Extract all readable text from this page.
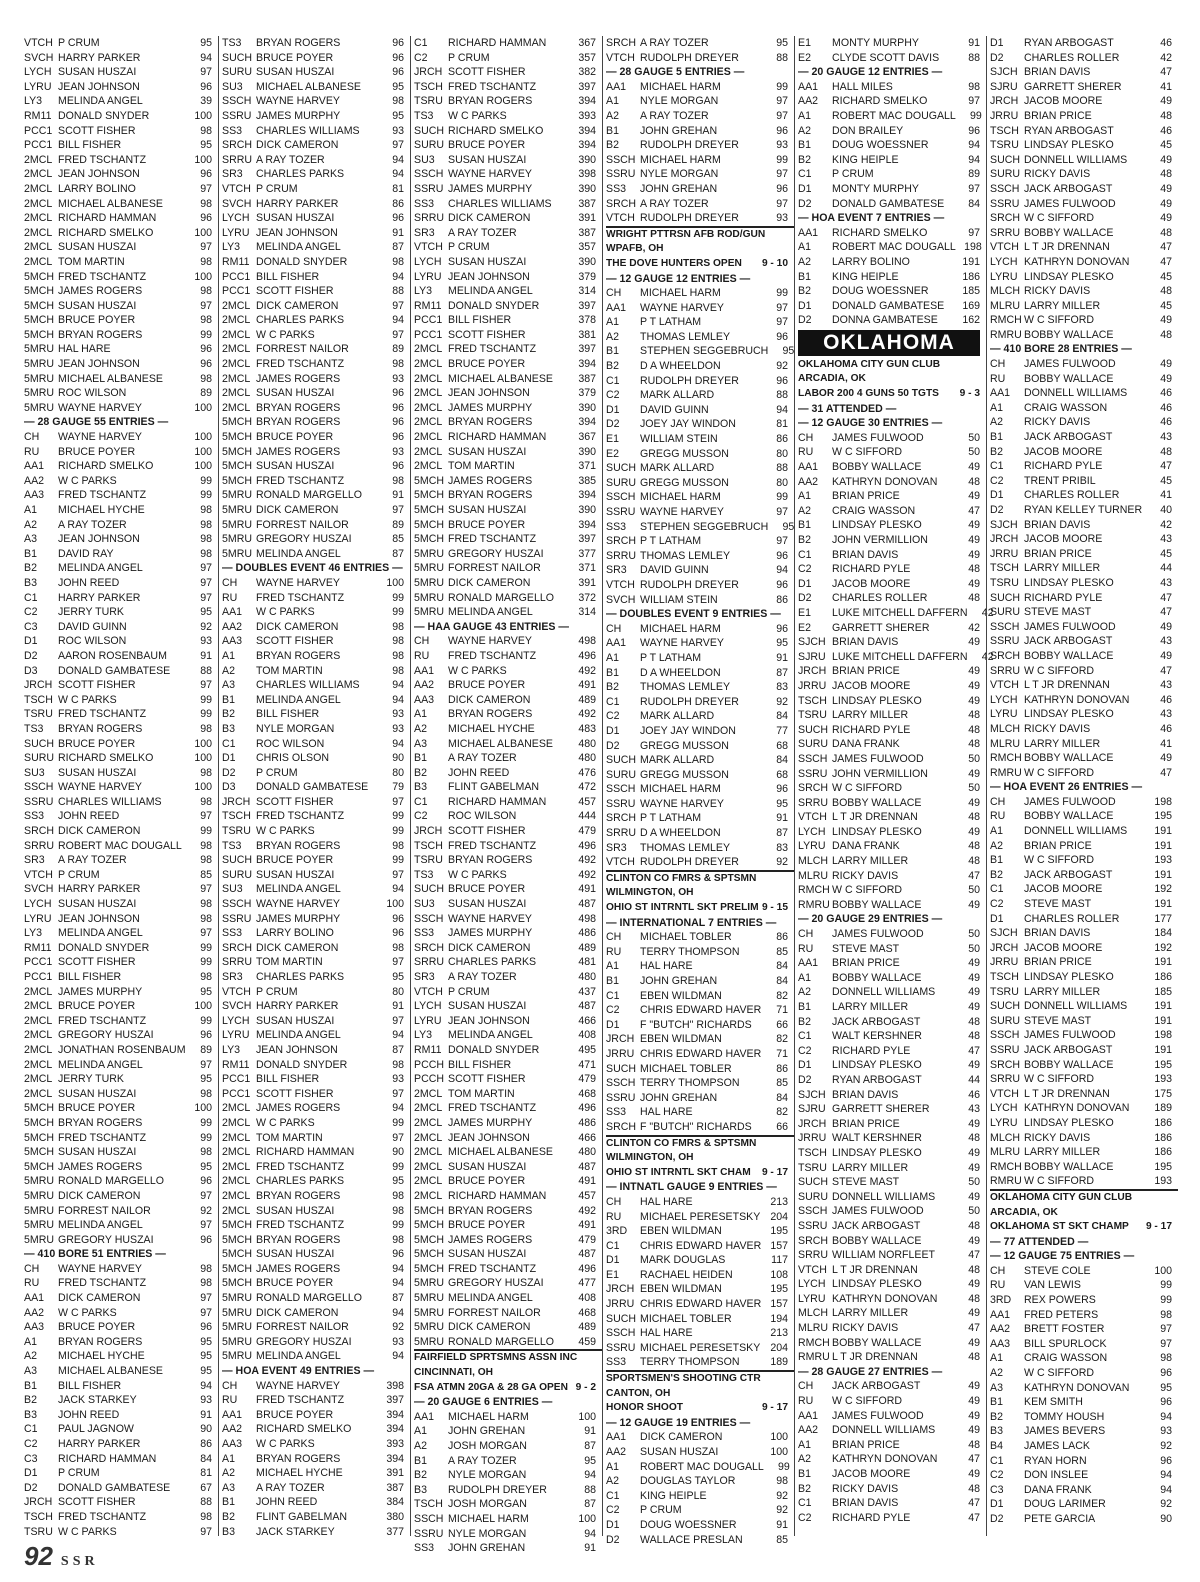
VTCH P CRUM	95
SVCH HARRY PARKER	94
LYCH SUSAN HUSZAI	97
LYRU JEAN JOHNSON	96
LY3	MELINDA ANGEL	39
RM11 DONALD SNYDER	100
PCC1 SCOTT FISHER	98
PCC1 BILL FISHER	95
2MCL FRED TSCHANTZ	100
2MCL JEAN JOHNSON	96
2MCL LARRY BOLINO	97
2MCL MICHAEL ALBANESE	98
2MCL RICHARD HAMMAN	96
2MCL RICHARD SMELKO	100
2MCL SUSAN HUSZAI	97
2MCL TOM MARTIN	98
5MCH FRED TSCHANTZ	100
5MCH JAMES ROGERS	98
5MCH SUSAN HUSZAI	97
5MCH BRUCE POYER	98
5MCH BRYAN ROGERS	99
5MRU HAL HARE	96
5MRU JEAN JOHNSON	96
5MRU MICHAEL ALBANESE	98
5MRU ROC WILSON	89
5MRU WAYNE HARVEY	100
— 28 GAUGE 55 ENTRIES —
CH	WAYNE HARVEY	100
RU	BRUCE POYER	100
AA1	RICHARD SMELKO	100
AA2	W C PARKS	99
AA3	FRED TSCHANTZ	99
A1	MICHAEL HYCHE	98
A2	A RAY TOZER	98
A3	JEAN JOHNSON	98
B1	DAVID RAY	98
B2	MELINDA ANGEL	97
B3	JOHN REED	97
C1	HARRY PARKER	97
C2	JERRY TURK	95
C3	DAVID GUINN	92
D1	ROC WILSON	93
D2	AARON ROSENBAUM	91
D3	DONALD GAMBATESE	88
JRCH SCOTT FISHER	97
TSCH W C PARKS	99
TSRU FRED TSCHANTZ	99
TS3	BRYAN ROGERS	98
SUCH BRUCE POYER	100
SURU RICHARD SMELKO	100
SU3	SUSAN HUSZAI	98
SSCH WAYNE HARVEY	100
SSRU CHARLES WILLIAMS	98
SS3	JOHN REED	97
SRCH DICK CAMERON	99
SRRU ROBERT MAC DOUGALL	98
SR3	A RAY TOZER	98
VTCH P CRUM	85
SVCH HARRY PARKER	97
LYCH SUSAN HUSZAI	98
LYRU JEAN JOHNSON	98
LY3	MELINDA ANGEL	97
RM11 DONALD SNYDER	99
PCC1 SCOTT FISHER	99
PCC1 BILL FISHER	98
2MCL JAMES MURPHY	95
2MCL BRUCE POYER	100
2MCL FRED TSCHANTZ	99
2MCL GREGORY HUSZAI	96
2MCL JONATHAN ROSENBAUM	89
2MCL MELINDA ANGEL	97
2MCL JERRY TURK	95
2MCL SUSAN HUSZAI	98
5MCH BRUCE POYER	100
5MCH BRYAN ROGERS	99
5MCH FRED TSCHANTZ	99
5MCH SUSAN HUSZAI	98
5MCH JAMES ROGERS	95
5MRU RONALD MARGELLO	96
5MRU DICK CAMERON	97
5MRU FORREST NAILOR	92
5MRU MELINDA ANGEL	97
5MRU GREGORY HUSZAI	96
— 410 BORE 51 ENTRIES —
CH	WAYNE HARVEY	98
RU	FRED TSCHANTZ	98
AA1	DICK CAMERON	97
AA2	W C PARKS	97
AA3	BRUCE POYER	96
A1	BRYAN ROGERS	95
A2	MICHAEL HYCHE	95
A3	MICHAEL ALBANESE	95
B1	BILL FISHER	94
B2	JACK STARKEY	93
B3	JOHN REED	91
C1	PAUL JAGNOW	90
C2	HARRY PARKER	86
C3	RICHARD HAMMAN	84
D1	P CRUM	81
D2	DONALD GAMBATESE	67
JRCH SCOTT FISHER	88
TSCH FRED TSCHANTZ	98
TSRU W C PARKS	97
TS3	BRYAN ROGERS	96
SUCH BRUCE POYER	96
SURU SUSAN HUSZAI	96
SU3	MICHAEL ALBANESE	95
SSCH WAYNE HARVEY	98
SSRU JAMES MURPHY	95
SS3	CHARLES WILLIAMS	93
SRCH DICK CAMERON	97
SRRU A RAY TOZER	94
SR3	CHARLES PARKS	94
VTCH P CRUM	81
SVCH HARRY PARKER	86
LYCH SUSAN HUSZAI	96
LYRU JEAN JOHNSON	91
LY3	MELINDA ANGEL	87
RM11 DONALD SNYDER	98
PCC1 BILL FISHER	94
PCC1 SCOTT FISHER	88
2MCL DICK CAMERON	97
2MCL CHARLES PARKS	94
2MCL W C PARKS	97
2MCL FORREST NAILOR	89
2MCL FRED TSCHANTZ	98
2MCL JAMES ROGERS	93
2MCL SUSAN HUSZAI	96
2MCL BRYAN ROGERS	96
5MCH BRYAN ROGERS	96
5MCH BRUCE POYER	96
5MCH JAMES ROGERS	93
5MCH SUSAN HUSZAI	96
5MCH FRED TSCHANTZ	98
5MRU RONALD MARGELLO	91
5MRU DICK CAMERON	97
5MRU FORREST NAILOR	89
5MRU GREGORY HUSZAI	85
5MRU MELINDA ANGEL	87
— DOUBLES EVENT 46 ENTRIES —
CH	WAYNE HARVEY	100
RU	FRED TSCHANTZ	99
AA1	W C PARKS	99
AA2	DICK CAMERON	98
AA3	SCOTT FISHER	98
A1	BRYAN ROGERS	98
A2	TOM MARTIN	98
A3	CHARLES WILLIAMS	94
B1	MELINDA ANGEL	94
B2	BILL FISHER	93
B3	NYLE MORGAN	93
C1	ROC WILSON	94
D1	CHRIS OLSON	90
D2	P CRUM	80
D3	DONALD GAMBATESE	79
JRCH SCOTT FISHER	97
TSCH FRED TSCHANTZ	99
TSRU W C PARKS	99
TS3	BRYAN ROGERS	98
SUCH BRUCE POYER	99
SURU SUSAN HUSZAI	97
SU3	MELINDA ANGEL	94
SSCH WAYNE HARVEY	100
SSRU JAMES MURPHY	96
SS3	LARRY BOLINO	96
SRCH DICK CAMERON	98
SRRU TOM MARTIN	97
SR3	CHARLES PARKS	95
VTCH P CRUM	80
SVCH HARRY PARKER	91
LYCH SUSAN HUSZAI	97
LYRU MELINDA ANGEL	94
LY3	JEAN JOHNSON	87
RM11 DONALD SNYDER	98
PCC1 BILL FISHER	93
PCC1 SCOTT FISHER	97
2MCL JAMES ROGERS	94
2MCL W C PARKS	99
2MCL TOM MARTIN	97
2MCL RICHARD HAMMAN	90
2MCL FRED TSCHANTZ	99
2MCL CHARLES PARKS	95
2MCL BRYAN ROGERS	98
2MCL SUSAN HUSZAI	98
5MCH FRED TSCHANTZ	99
5MCH BRYAN ROGERS	98
5MCH SUSAN HUSZAI	96
5MCH JAMES ROGERS	94
5MCH BRUCE POYER	94
5MRU RONALD MARGELLO	87
5MRU DICK CAMERON	94
5MRU FORREST NAILOR	92
5MRU GREGORY HUSZAI	93
5MRU MELINDA ANGEL	94
— HOA EVENT 49 ENTRIES —
CH	WAYNE HARVEY	398
RU	FRED TSCHANTZ	397
AA1	BRUCE POYER	394
AA2	RICHARD SMELKO	394
AA3	W C PARKS	393
A1	BRYAN ROGERS	394
A2	MICHAEL HYCHE	391
A3	A RAY TOZER	387
B1	JOHN REED	384
B2	FLINT GABELMAN	380
B3	JACK STARKEY	377
C1	RICHARD HAMMAN	367
C2	P CRUM	357
JRCH SCOTT FISHER	382
TSCH FRED TSCHANTZ	397
TSRU BRYAN ROGERS	394
TS3	W C PARKS	393
SUCH RICHARD SMELKO	394
SURU BRUCE POYER	394
SU3	SUSAN HUSZAI	390
SSCH WAYNE HARVEY	398
SSRU JAMES MURPHY	390
SS3	CHARLES WILLIAMS	387
SRRU DICK CAMERON	391
SR3	A RAY TOZER	387
VTCH P CRUM	357
LYCH SUSAN HUSZAI	390
LYRU JEAN JOHNSON	379
LY3	MELINDA ANGEL	314
RM11 DONALD SNYDER	397
PCC1 BILL FISHER	378
PCC1 SCOTT FISHER	381
2MCL FRED TSCHANTZ	397
2MCL BRUCE POYER	394
2MCL MICHAEL ALBANESE	387
2MCL JEAN JOHNSON	379
2MCL JAMES MURPHY	390
2MCL BRYAN ROGERS	394
2MCL RICHARD HAMMAN	367
2MCL SUSAN HUSZAI	390
2MCL TOM MARTIN	371
5MCH JAMES ROGERS	385
5MCH BRYAN ROGERS	394
5MCH SUSAN HUSZAI	390
5MCH BRUCE POYER	394
5MCH FRED TSCHANTZ	397
5MRU GREGORY HUSZAI	377
5MRU FORREST NAILOR	371
5MRU DICK CAMERON	391
5MRU RONALD MARGELLO	372
5MRU MELINDA ANGEL	314
— HAA GAUGE 43 ENTRIES —
CH	WAYNE HARVEY	498
RU	FRED TSCHANTZ	496
AA1	W C PARKS	492
AA2	BRUCE POYER	491
AA3	DICK CAMERON	489
A1	BRYAN ROGERS	492
A2	MICHAEL HYCHE	483
A3	MICHAEL ALBANESE	480
B1	A RAY TOZER	480
B2	JOHN REED	476
B3	FLINT GABELMAN	472
C1	RICHARD HAMMAN	457
C2	ROC WILSON	444
JRCH SCOTT FISHER	479
TSCH FRED TSCHANTZ	496
TSRU BRYAN ROGERS	492
TS3	W C PARKS	492
SUCH BRUCE POYER	491
SU3	SUSAN HUSZAI	487
SSCH WAYNE HARVEY	498
SS3	JAMES MURPHY	486
SRCH DICK CAMERON	489
SRRU CHARLES PARKS	481
SR3	A RAY TOZER	480
VTCH P CRUM	437
LYCH SUSAN HUSZAI	487
LYRU JEAN JOHNSON	466
LY3	MELINDA ANGEL	408
RM11 DONALD SNYDER	495
PCCH BILL FISHER	471
PCCH SCOTT FISHER	479
2MCL TOM MARTIN	468
2MCL FRED TSCHANTZ	496
2MCL JAMES MURPHY	486
2MCL JEAN JOHNSON	466
2MCL MICHAEL ALBANESE	480
2MCL SUSAN HUSZAI	487
2MCL BRUCE POYER	491
2MCL RICHARD HAMMAN	457
5MCH BRYAN ROGERS	492
5MCH BRUCE POYER	491
5MCH JAMES ROGERS	479
5MCH SUSAN HUSZAI	487
5MCH FRED TSCHANTZ	496
5MRU GREGORY HUSZAI	477
5MRU MELINDA ANGEL	408
5MRU FORREST NAILOR	468
5MRU DICK CAMERON	489
5MRU RONALD MARGELLO	459
FAIRFIELD SPRTSMNS ASSN INC
CINCINNATI, OH
FSA ATMN 20GA & 28 GA OPEN 9 - 2
— 20 GAUGE 6 ENTRIES —
AA1	MICHAEL HARM	100
A1	JOHN GREHAN	91
A2	JOSH MORGAN	87
B1	A RAY TOZER	95
B2	NYLE MORGAN	94
B3	RUDOLPH DREYER	88
TSCH JOSH MORGAN	87
SSCH MICHAEL HARM	100
SSRU NYLE MORGAN	94
SS3	JOHN GREHAN	91
SRCH A RAY TOZER	95
VTCH RUDOLPH DREYER	88
— 28 GAUGE 5 ENTRIES —
AA1	MICHAEL HARM	99
A1	NYLE MORGAN	97
A2	A RAY TOZER	97
B1	JOHN GREHAN	96
B2	RUDOLPH DREYER	93
SSCH MICHAEL HARM	99
SSRU NYLE MORGAN	97
SS3	JOHN GREHAN	96
SRCH A RAY TOZER	97
VTCH RUDOLPH DREYER	93
WRIGHT PTTRSN AFB ROD/GUN
WPAFB, OH
THE DOVE HUNTERS OPEN	9 - 10
— 12 GAUGE 12 ENTRIES —
CH	MICHAEL HARM	99
AA1	WAYNE HARVEY	97
A1	P T LATHAM	97
A2	THOMAS LEMLEY	96
B1	STEPHEN SEGGEBRUCH	95
B2	D A WHEELDON	92
C1	RUDOLPH DREYER	96
C2	MARK ALLARD	88
D1	DAVID GUINN	94
D2	JOEY JAY WINDON	81
E1	WILLIAM STEIN	86
E2	GREGG MUSSON	80
SUCH MARK ALLARD	88
SURU GREGG MUSSON	80
SSCH MICHAEL HARM	99
SSRU WAYNE HARVEY	97
SS3	STEPHEN SEGGEBRUCH	95
SRCH P T LATHAM	97
SRRU THOMAS LEMLEY	96
SR3	DAVID GUINN	94
VTCH RUDOLPH DREYER	96
SVCH WILLIAM STEIN	86
— DOUBLES EVENT 9 ENTRIES —
CH	MICHAEL HARM	96
AA1	WAYNE HARVEY	95
A1	P T LATHAM	91
B1	D A WHEELDON	87
B2	THOMAS LEMLEY	83
C1	RUDOLPH DREYER	92
C2	MARK ALLARD	84
D1	JOEY JAY WINDON	77
D2	GREGG MUSSON	68
SUCH MARK ALLARD	84
SURU GREGG MUSSON	68
SSCH MICHAEL HARM	96
SSRU WAYNE HARVEY	95
SRCH P T LATHAM	91
SRRU D A WHEELDON	87
SR3	THOMAS LEMLEY	83
VTCH RUDOLPH DREYER	92
CLINTON CO FMRS & SPTSMN
WILMINGTON, OH
OHIO ST INTRNTL SKT PRELIM 9 - 15
— INTERNATIONAL 7 ENTRIES —
CH	MICHAEL TOBLER	86
RU	TERRY THOMPSON	85
A1	HAL HARE	84
B1	JOHN GREHAN	84
C1	EBEN WILDMAN	82
C2	CHRIS EDWARD HAVER	71
D1	F "BUTCH" RICHARDS	66
JRCH EBEN WILDMAN	82
JRRU CHRIS EDWARD HAVER	71
SUCH MICHAEL TOBLER	86
SSCH TERRY THOMPSON	85
SSRU JOHN GREHAN	84
SS3	HAL HARE	82
SRCH F "BUTCH" RICHARDS	66
CLINTON CO FMRS & SPTSMN
WILMINGTON, OH
OHIO ST INTRNTL SKT CHAM	9 - 17
— INTNATL GAUGE 9 ENTRIES —
CH	HAL HARE	213
RU	MICHAEL PERESETSKY 204
3RD	EBEN WILDMAN	195
C1	CHRIS EDWARD HAVER 157
D1	MARK DOUGLAS	117
E1	RACHAEL HEIDEN	108
JRCH EBEN WILDMAN	195
JRRU CHRIS EDWARD HAVER 157
SUCH MICHAEL TOBLER	194
SSCH HAL HARE	213
SSRU MICHAEL PERESETSKY 204
SS3	TERRY THOMPSON	189
SPORTSMEN'S SHOOTING CTR
CANTON, OH
HONOR SHOOT	9 - 17
— 12 GAUGE 19 ENTRIES —
AA1	DICK CAMERON	100
AA2	SUSAN HUSZAI	100
A1	ROBERT MAC DOUGALL	99
A2	DOUGLAS TAYLOR	98
C1	KING HEIPLE	92
C2	P CRUM	92
D1	DOUG WOESSNER	91
D2	WALLACE PRESLAN	85
E1	MONTY MURPHY	91
E2	CLYDE SCOTT DAVIS	88
— 20 GAUGE 12 ENTRIES —
AA1	HALL MILES	98
AA2	RICHARD SMELKO	97
A1	ROBERT MAC DOUGALL	99
A2	DON BRAILEY	96
B1	DOUG WOESSNER	94
B2	KING HEIPLE	94
C1	P CRUM	89
D1	MONTY MURPHY	97
D2	DONALD GAMBATESE	84
— HOA EVENT 7 ENTRIES —
AA1	RICHARD SMELKO	97
A1	ROBERT MAC DOUGALL 198
A2	LARRY BOLINO	191
B1	KING HEIPLE	186
B2	DOUG WOESSNER	185
D1	DONALD GAMBATESE	169
D2	DONNA GAMBATESE	162
OKLAHOMA
OKLAHOMA CITY GUN CLUB
ARCADIA, OK
LABOR 200 4 GUNS 50 TGTS	9 - 3
— 31 ATTENDED —
— 12 GAUGE 30 ENTRIES —
CH	JAMES FULWOOD	50
RU	W C SIFFORD	50
AA1	BOBBY WALLACE	49
AA2	KATHRYN DONOVAN	48
A1	BRIAN PRICE	49
A2	CRAIG WASSON	47
B1	LINDSAY PLESKO	49
B2	JOHN VERMILLION	49
C1	BRIAN DAVIS	49
C2	RICHARD PYLE	48
D1	JACOB MOORE	49
D2	CHARLES ROLLER	48
E1	LUKE MITCHELL DAFFERN	42
E2	GARRETT SHERER	42
SJCH BRIAN DAVIS	49
SJRU LUKE MITCHELL DAFFERN	42
JRCH BRIAN PRICE	49
JRRU JACOB MOORE	49
TSCH LINDSAY PLESKO	49
TSRU LARRY MILLER	48
SUCH RICHARD PYLE	48
SURU DANA FRANK	48
SSCH JAMES FULWOOD	50
SSRU JOHN VERMILLION	49
SRCH W C SIFFORD	50
SRRU BOBBY WALLACE	49
VTCH L T JR DRENNAN	48
LYCH LINDSAY PLESKO	49
LYRU DANA FRANK	48
MLCH LARRY MILLER	48
MLRU RICKY DAVIS	47
RMCH W C SIFFORD	50
RMRU BOBBY WALLACE	49
— 20 GAUGE 29 ENTRIES —
CH	JAMES FULWOOD	50
RU	STEVE MAST	50
AA1	BRIAN PRICE	49
A1	BOBBY WALLACE	49
A2	DONNELL WILLIAMS	49
B1	LARRY MILLER	49
B2	JACK ARBOGAST	48
C1	WALT KERSHNER	48
C2	RICHARD PYLE	47
D1	LINDSAY PLESKO	49
D2	RYAN ARBOGAST	44
SJCH BRIAN DAVIS	46
SJRU GARRETT SHERER	43
JRCH BRIAN PRICE	49
JRRU WALT KERSHNER	48
TSCH LINDSAY PLESKO	49
TSRU LARRY MILLER	49
SUCH STEVE MAST	50
SURU DONNELL WILLIAMS	49
SSCH JAMES FULWOOD	50
SSRU JACK ARBOGAST	48
SRCH BOBBY WALLACE	49
SRRU WILLIAM NORFLEET	47
VTCH L T JR DRENNAN	48
LYCH LINDSAY PLESKO	49
LYRU KATHRYN DONOVAN	48
MLCH LARRY MILLER	49
MLRU RICKY DAVIS	47
RMCH BOBBY WALLACE	49
RMRU L T JR DRENNAN	48
— 28 GAUGE 27 ENTRIES —
CH	JACK ARBOGAST	49
RU	W C SIFFORD	49
AA1	JAMES FULWOOD	49
AA2	DONNELL WILLIAMS	49
A1	BRIAN PRICE	48
A2	KATHRYN DONOVAN	47
B1	JACOB MOORE	49
B2	RICKY DAVIS	48
C1	BRIAN DAVIS	47
C2	RICHARD PYLE	47
D1	RYAN ARBOGAST	46
D2	CHARLES ROLLER	42
SJCH BRIAN DAVIS	47
SJRU GARRETT SHERER	41
JRCH JACOB MOORE	49
JRRU BRIAN PRICE	48
TSCH RYAN ARBOGAST	46
TSRU LINDSAY PLESKO	45
SUCH DONNELL WILLIAMS	49
SURU RICKY DAVIS	48
SSCH JACK ARBOGAST	49
SSRU JAMES FULWOOD	49
SRCH W C SIFFORD	49
SRRU BOBBY WALLACE	48
VTCH L T JR DRENNAN	47
LYCH KATHRYN DONOVAN	47
LYRU LINDSAY PLESKO	45
MLCH RICKY DAVIS	48
MLRU LARRY MILLER	45
RMCH W C SIFFORD	49
RMRU BOBBY WALLACE	48
— 410 BORE 28 ENTRIES —
CH	JAMES FULWOOD	49
RU	BOBBY WALLACE	49
AA1	DONNELL WILLIAMS	46
A1	CRAIG WASSON	46
A2	RICKY DAVIS	46
B1	JACK ARBOGAST	43
B2	JACOB MOORE	48
C1	RICHARD PYLE	47
C2	TRENT PRIBIL	45
D1	CHARLES ROLLER	41
D2	RYAN KELLEY TURNER	40
SJCH BRIAN DAVIS	42
JRCH JACOB MOORE	43
JRRU BRIAN PRICE	45
TSCH LARRY MILLER	44
TSRU LINDSAY PLESKO	43
SUCH RICHARD PYLE	47
SURU STEVE MAST	47
SSCH JAMES FULWOOD	49
SSRU JACK ARBOGAST	43
SRCH BOBBY WALLACE	49
SRRU W C SIFFORD	47
VTCH L T JR DRENNAN	43
LYCH KATHRYN DONOVAN	46
LYRU LINDSAY PLESKO	43
MLCH RICKY DAVIS	46
MLRU LARRY MILLER	41
RMCH BOBBY WALLACE	49
RMRU W C SIFFORD	47
— HOA EVENT 26 ENTRIES —
CH	JAMES FULWOOD	198
RU	BOBBY WALLACE	195
A1	DONNELL WILLIAMS	191
A2	BRIAN PRICE	191
B1	W C SIFFORD	193
B2	JACK ARBOGAST	191
C1	JACOB MOORE	192
C2	STEVE MAST	191
D1	CHARLES ROLLER	177
SJCH BRIAN DAVIS	184
JRCH JACOB MOORE	192
JRRU BRIAN PRICE	191
TSCH LINDSAY PLESKO	186
TSRU LARRY MILLER	185
SUCH DONNELL WILLIAMS	191
SURU STEVE MAST	191
SSCH JAMES FULWOOD	198
SSRU JACK ARBOGAST	191
SRCH BOBBY WALLACE	195
SRRU W C SIFFORD	193
VTCH L T JR DRENNAN	175
LYCH KATHRYN DONOVAN	189
LYRU LINDSAY PLESKO	186
MLCH RICKY DAVIS	186
MLRU LARRY MILLER	186
RMCH BOBBY WALLACE	195
RMRU W C SIFFORD	193
OKLAHOMA CITY GUN CLUB
ARCADIA, OK
OKLAHOMA ST SKT CHAMP	9 - 17
— 77 ATTENDED —
— 12 GAUGE 75 ENTRIES —
CH	STEVE COLE	100
RU	VAN LEWIS	99
3RD	REX POWERS	99
AA1	FRED PETERS	98
AA2	BRETT FOSTER	97
AA3	BILL SPURLOCK	97
A1	CRAIG WASSON	98
A2	W C SIFFORD	96
A3	KATHRYN DONOVAN	95
B1	KEM SMITH	96
B2	TOMMY HOUSH	94
B3	JAMES BEVERS	93
B4	JAMES LACK	92
C1	RYAN HORN	96
C2	DON INSLEE	94
C3	DANA FRANK	94
D1	DOUG LARIMER	92
D2	PETE GARCIA	90
92 SSR
